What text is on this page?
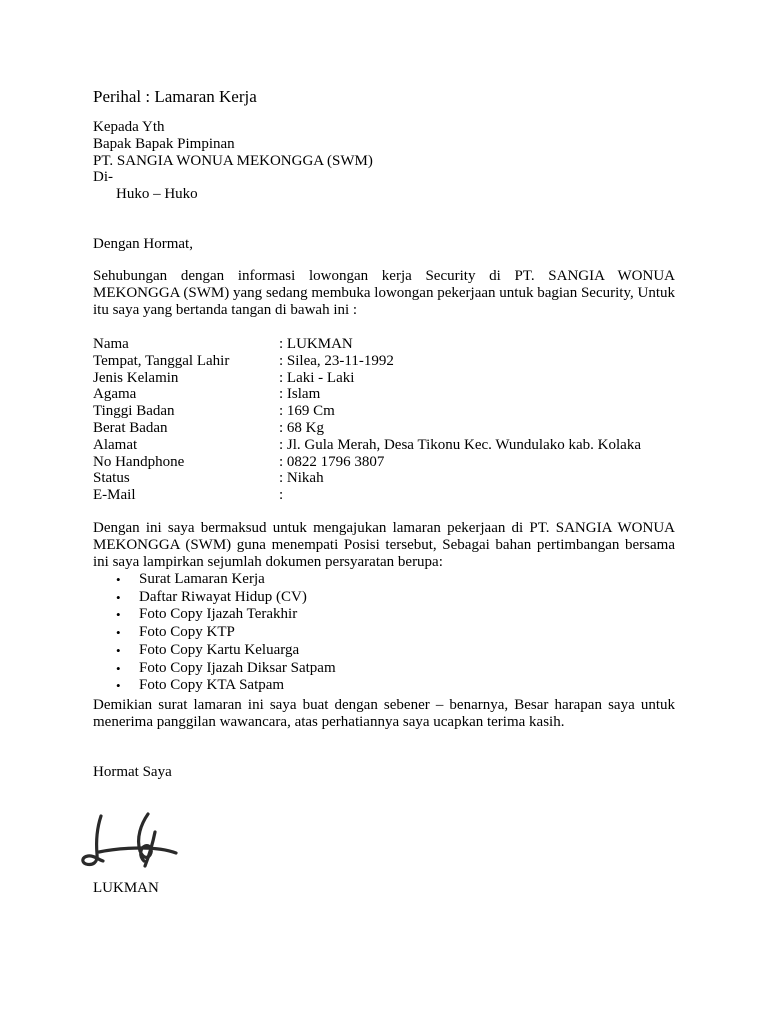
Perihal : Lamaran Kerja
Kepada Yth
Bapak Bapak Pimpinan
PT. SANGIA WONUA MEKONGGA (SWM)
Di-
Huko – Huko
Dengan Hormat,
Sehubungan dengan informasi lowongan kerja Security di PT. SANGIA WONUA MEKONGGA (SWM) yang sedang membuka lowongan pekerjaan untuk bagian Security, Untuk itu saya yang bertanda tangan di bawah ini :
Nama	: LUKMAN
Tempat, Tanggal Lahir	: Silea, 23-11-1992
Jenis Kelamin	: Laki - Laki
Agama	: Islam
Tinggi Badan	: 169 Cm
Berat Badan	: 68 Kg
Alamat	: Jl. Gula Merah, Desa Tikonu Kec. Wundulako kab. Kolaka
No Handphone	: 0822 1796 3807
Status	: Nikah
E-Mail	:
Dengan ini saya bermaksud untuk mengajukan lamaran pekerjaan di PT. SANGIA WONUA MEKONGGA (SWM) guna menempati Posisi tersebut, Sebagai bahan pertimbangan bersama ini saya lampirkan sejumlah dokumen persyaratan berupa:
• Surat Lamaran Kerja
• Daftar Riwayat Hidup (CV)
• Foto Copy Ijazah Terakhir
• Foto Copy KTP
• Foto Copy Kartu Keluarga
• Foto Copy Ijazah Diksar Satpam
• Foto Copy KTA Satpam
Demikian surat lamaran ini saya buat dengan sebener – benarnya, Besar harapan saya untuk menerima panggilan wawancara, atas perhatiannya saya ucapkan terima kasih.
Hormat Saya
LUKMAN
